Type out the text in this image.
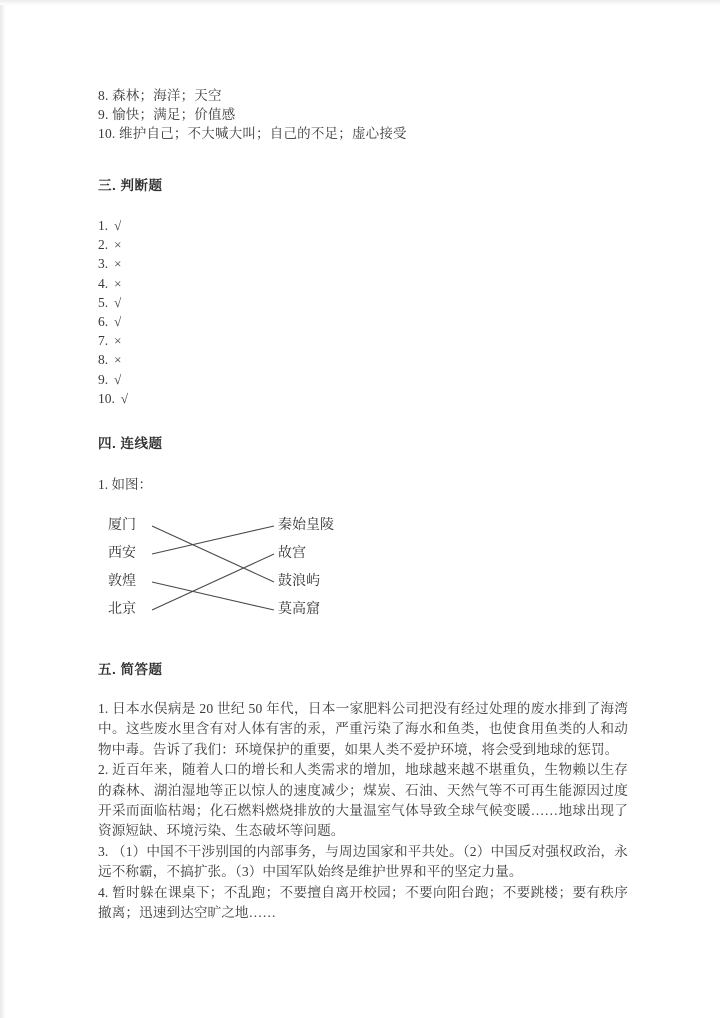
8. 森林；海洋；天空
9. 愉快；满足；价值感
10. 维护自己；不大喊大叫；自己的不足；虚心接受
三. 判断题
1. √
2. ×
3. ×
4. ×
5. √
6. √
7. ×
8. ×
9. √
10. √
四. 连线题
1. 如图：
厦门
西安
敦煌
北京
秦始皇陵
故宫
鼓浪屿
莫高窟
五. 简答题
1. 日本水俣病是 20 世纪 50 年代，日本一家肥料公司把没有经过处理的废水排到了海湾中。这些废水里含有对人体有害的汞，严重污染了海水和鱼类，也使食用鱼类的人和动物中毒。告诉了我们：环境保护的重要，如果人类不爱护环境，将会受到地球的惩罚。
2. 近百年来，随着人口的增长和人类需求的增加，地球越来越不堪重负，生物赖以生存的森林、湖泊湿地等正以惊人的速度减少；煤炭、石油、天然气等不可再生能源因过度开采而面临枯竭；化石燃料燃烧排放的大量温室气体导致全球气候变暖……地球出现了资源短缺、环境污染、生态破坏等问题。
3. （1）中国不干涉别国的内部事务，与周边国家和平共处。（2）中国反对强权政治，永远不称霸，不搞扩张。（3）中国军队始终是维护世界和平的坚定力量。
4. 暂时躲在课桌下；不乱跑；不要擅自离开校园；不要向阳台跑；不要跳楼；要有秩序撤离；迅速到达空旷之地……
